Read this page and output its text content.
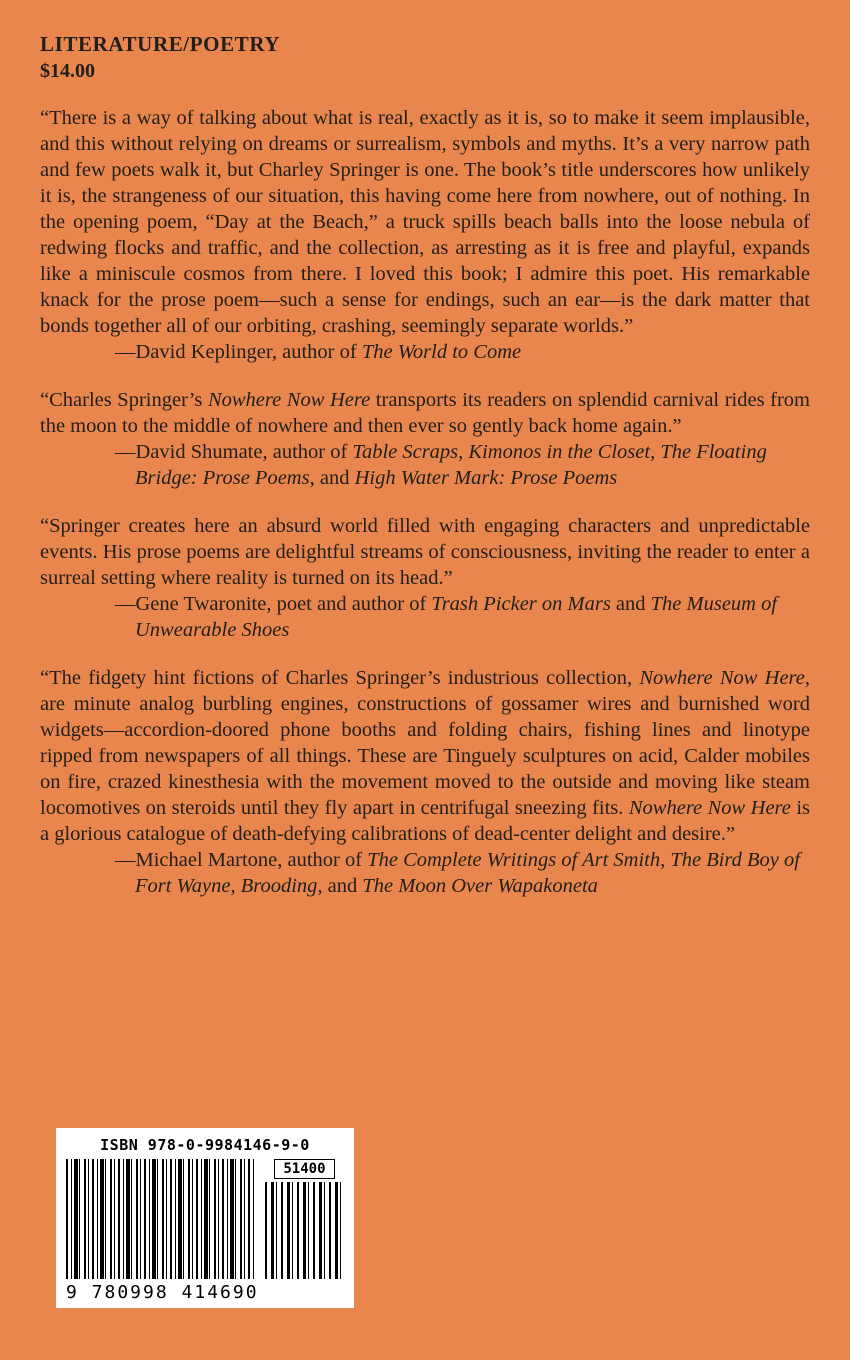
LITERATURE/POETRY
$14.00

“There is a way of talking about what is real, exactly as it is, so to make it seem implausible, and this without relying on dreams or surrealism, symbols and myths. It’s a very narrow path and few poets walk it, but Charley Springer is one. The book’s title underscores how unlikely it is, the strangeness of our situation, this having come here from nowhere, out of nothing. In the opening poem, “Day at the Beach,” a truck spills beach balls into the loose nebula of redwing flocks and traffic, and the collection, as arresting as it is free and playful, expands like a miniscule cosmos from there. I loved this book; I admire this poet. His remarkable knack for the prose poem—such a sense for endings, such an ear—is the dark matter that bonds together all of our orbiting, crashing, seemingly separate worlds.”

—David Keplinger, author of The World to Come

“Charles Springer’s Nowhere Now Here transports its readers on splendid carnival rides from the moon to the middle of nowhere and then ever so gently back home again.”

—David Shumate, author of Table Scraps, Kimonos in the Closet, The Floating Bridge: Prose Poems, and High Water Mark: Prose Poems

“Springer creates here an absurd world filled with engaging characters and unpredictable events. His prose poems are delightful streams of consciousness, inviting the reader to enter a surreal setting where reality is turned on its head.”

—Gene Twaronite, poet and author of Trash Picker on Mars and The Museum of Unwearable Shoes

“The fidgety hint fictions of Charles Springer’s industrious collection, Nowhere Now Here, are minute analog burbling engines, constructions of gossamer wires and burnished word widgets—accordion-doored phone booths and folding chairs, fishing lines and linotype ripped from newspapers of all things. These are Tinguely sculptures on acid, Calder mobiles on fire, crazed kinesthesia with the movement moved to the outside and moving like steam locomotives on steroids until they fly apart in centrifugal sneezing fits. Nowhere Now Here is a glorious catalogue of death-defying calibrations of dead-center delight and desire.”

—Michael Martone, author of The Complete Writings of Art Smith, The Bird Boy of Fort Wayne, Brooding, and The Moon Over Wapakoneta

ISBN 978-0-9984146-9-0
9 780998 414690
51400
